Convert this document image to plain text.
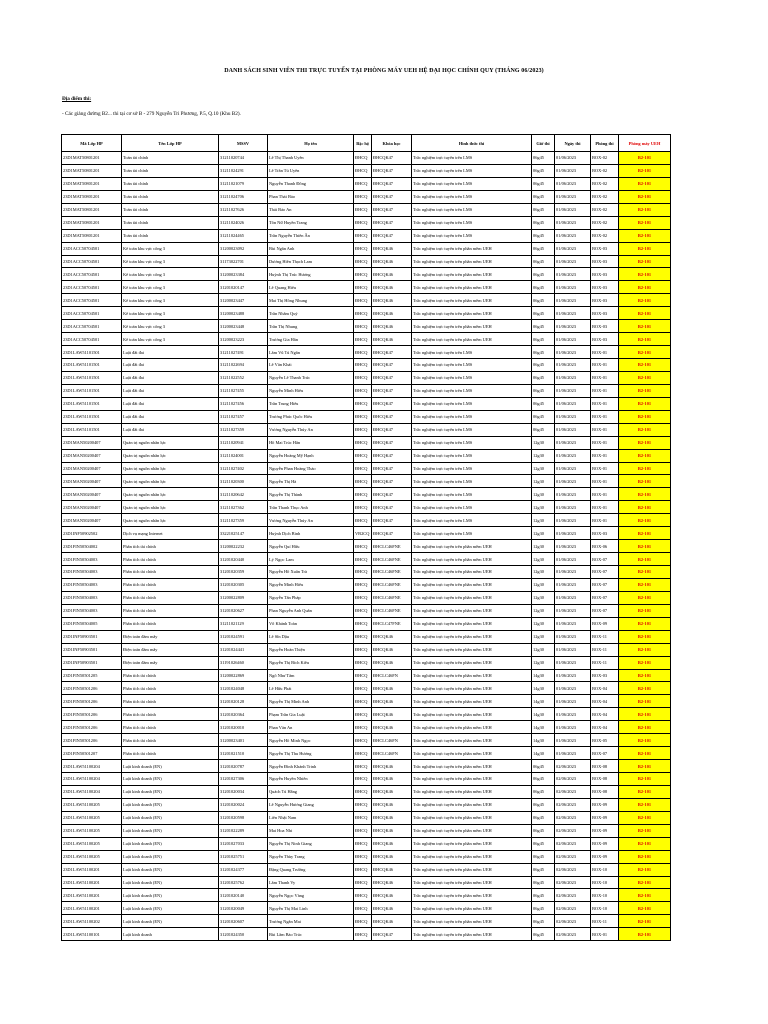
DANH SÁCH SINH VIÊN THI TRỰC TUYẾN TẠI PHÒNG MÁY UEH HỆ ĐẠI HỌC CHÍNH QUY (THÁNG 06/2023)
Địa điểm thi:
- Các giảng đường B2... thi tại cơ sở B - 279 Nguyễn Tri Phương, P.5, Q.10 (Khu B2).
Mã Lớp HP	Tên Lớp HP	MSSV	Họ tên	Bậc hệ	Khóa học	Hình thức thi	Giờ thi	Ngày thi	Phòng thi	Phòng máy UEH
23D1MAT50801201	Toán tài chính	31211020744	Lê Thị Thanh Uyên	ĐHCQ	ĐHCQK47	Trắc nghiệm trực tuyến trên LMS	06g45	01/06/2023	BOX-02	B2-101
23D1MAT50801201	Toán tài chính	31211024291	Lê Trần Tú Uyên	ĐHCQ	ĐHCQK47	Trắc nghiệm trực tuyến trên LMS	06g45	01/06/2023	BOX-02	B2-101
23D1MAT50801201	Toán tài chính	31211021079	Nguyễn Thanh Đông	ĐHCQ	ĐHCQK47	Trắc nghiệm trực tuyến trên LMS	06g45	01/06/2023	BOX-02	B2-101
23D1MAT50801201	Toán tài chính	31211024706	Phan Thái Bảo	ĐHCQ	ĐHCQK47	Trắc nghiệm trực tuyến trên LMS	06g45	01/06/2023	BOX-02	B2-101
23D1MAT50801201	Toán tài chính	31211027626	Thái Bảo An	ĐHCQ	ĐHCQK47	Trắc nghiệm trực tuyến trên LMS	06g45	01/06/2023	BOX-02	B2-101
23D1MAT50801201	Toán tài chính	31211024026	Tôn Nữ Huyền Trang	ĐHCQ	ĐHCQK47	Trắc nghiệm trực tuyến trên LMS	06g45	01/06/2023	BOX-02	B2-101
23D1MAT50801201	Toán tài chính	31211024465	Trần Nguyễn Thiên Ân	ĐHCQ	ĐHCQK47	Trắc nghiệm trực tuyến trên LMS	06g45	01/06/2023	BOX-02	B2-101
23D1ACC50704501	Kế toán khu vực công 3	31200023092	Bùi Ngân Anh	ĐHCQ	ĐHCQK46	Trắc nghiệm trực tuyến trên phần mềm UEH	06g45	01/06/2023	BOX-03	B2-101
23D1ACC50704501	Kế toán khu vực công 3	31173022701	Dương Hiền Thạch Lam	ĐHCQ	ĐHCQK46	Trắc nghiệm trực tuyến trên phần mềm UEH	06g45	01/06/2023	BOX-03	B2-101
23D1ACC50704501	Kế toán khu vực công 3	31200023384	Huỳnh Thị Trúc Hương	ĐHCQ	ĐHCQK46	Trắc nghiệm trực tuyến trên phần mềm UEH	06g45	01/06/2023	BOX-03	B2-101
23D1ACC50704501	Kế toán khu vực công 3	31201020147	Lê Quang Hiếu	ĐHCQ	ĐHCQK46	Trắc nghiệm trực tuyến trên phần mềm UEH	06g45	01/06/2023	BOX-03	B2-101
23D1ACC50704501	Kế toán khu vực công 3	31200023447	Mai Thị Hồng Nhung	ĐHCQ	ĐHCQK46	Trắc nghiệm trực tuyến trên phần mềm UEH	06g45	01/06/2023	BOX-03	B2-101
23D1ACC50704501	Kế toán khu vực công 3	31200023488	Trần Nhâm Quý	ĐHCQ	ĐHCQK46	Trắc nghiệm trực tuyến trên phần mềm UEH	06g45	01/06/2023	BOX-03	B2-101
23D1ACC50704501	Kế toán khu vực công 3	31200023448	Trần Thị Nhung	ĐHCQ	ĐHCQK46	Trắc nghiệm trực tuyến trên phần mềm UEH	06g45	01/06/2023	BOX-03	B2-101
23D1ACC50704501	Kế toán khu vực công 3	31200023223	Trương Gia Hân	ĐHCQ	ĐHCQK46	Trắc nghiệm trực tuyến trên phần mềm UEH	06g45	01/06/2023	BOX-03	B2-101
23D1LAW51101501	Luật đất đai	31211027491	Lâm Vũ Tú Ngân	ĐHCQ	ĐHCQK47	Trắc nghiệm trực tuyến trên LMS	06g45	01/06/2023	BOX-01	B2-101
23D1LAW51101501	Luật đất đai	31211022694	Lê Văn Khải	ĐHCQ	ĐHCQK47	Trắc nghiệm trực tuyến trên LMS	06g45	01/06/2023	BOX-01	B2-101
23D1LAW51101501	Luật đất đai	31211022552	Nguyễn Lê Thanh Trúc	ĐHCQ	ĐHCQK47	Trắc nghiệm trực tuyến trên LMS	06g45	01/06/2023	BOX-01	B2-101
23D1LAW51101501	Luật đất đai	31211027455	Nguyễn Minh Hiếu	ĐHCQ	ĐHCQK47	Trắc nghiệm trực tuyến trên LMS	06g45	01/06/2023	BOX-01	B2-101
23D1LAW51101501	Luật đất đai	31211027456	Trần Trung Hiếu	ĐHCQ	ĐHCQK47	Trắc nghiệm trực tuyến trên LMS	06g45	01/06/2023	BOX-01	B2-101
23D1LAW51101501	Luật đất đai	31211027457	Trương Phúc Quốc Hiếu	ĐHCQ	ĐHCQK47	Trắc nghiệm trực tuyến trên LMS	06g45	01/06/2023	BOX-01	B2-101
23D1LAW51101501	Luật đất đai	31211027359	Vương Nguyễn Thúy An	ĐHCQ	ĐHCQK47	Trắc nghiệm trực tuyến trên LMS	06g45	01/06/2023	BOX-01	B2-101
23D1MAN50200407	Quản trị nguồn nhân lực	31211020941	Hồ Mai Trúc Hân	ĐHCQ	ĐHCQK47	Trắc nghiệm trực tuyến trên LMS	12g30	01/06/2023	BOX-01	B2-101
23D1MAN50200407	Quản trị nguồn nhân lực	31211024001	Nguyễn Hoàng Mỹ Hạnh	ĐHCQ	ĐHCQK47	Trắc nghiệm trực tuyến trên LMS	12g30	01/06/2023	BOX-01	B2-101
23D1MAN50200407	Quản trị nguồn nhân lực	31211027402	Nguyễn Phan Hoàng Thảo	ĐHCQ	ĐHCQK47	Trắc nghiệm trực tuyến trên LMS	12g30	01/06/2023	BOX-01	B2-101
23D1MAN50200407	Quản trị nguồn nhân lực	31211020300	Nguyễn Thị Hà	ĐHCQ	ĐHCQK47	Trắc nghiệm trực tuyến trên LMS	12g30	01/06/2023	BOX-01	B2-101
23D1MAN50200407	Quản trị nguồn nhân lực	31211020642	Nguyễn Thị Thành	ĐHCQ	ĐHCQK47	Trắc nghiệm trực tuyến trên LMS	12g30	01/06/2023	BOX-01	B2-101
23D1MAN50200407	Quản trị nguồn nhân lực	31211027362	Trần Thanh Thục Anh	ĐHCQ	ĐHCQK47	Trắc nghiệm trực tuyến trên LMS	12g30	01/06/2023	BOX-01	B2-101
23D1MAN50200407	Quản trị nguồn nhân lực	31211027359	Vương Nguyễn Thúy An	ĐHCQ	ĐHCQK47	Trắc nghiệm trực tuyến trên LMS	12g30	01/06/2023	BOX-01	B2-101
23D1INF50902502	Dịch vụ mạng Internet	33221025147	Huỳnh Dịch Bình	VB2CQ	ĐHCQK47	Trắc nghiệm trực tuyến trên LMS	12g30	01/06/2023	BOX-03	B2-101
23D1FIN50504002	Phân tích tài chính	31200022232	Nguyễn Quí Hữu	ĐHCQ	ĐHCLC46FNE	Trắc nghiệm trực tuyến trên phần mềm UEH	12g30	01/06/2023	BOX-06	B2-101
23D1FIN50504003	Phân tích tài chính	31201020440	Lý Ngọc Lam	ĐHCQ	ĐHCLC46FNE	Trắc nghiệm trực tuyến trên phần mềm UEH	12g30	01/06/2023	BOX-07	B2-101
23D1FIN50504003	Phân tích tài chính	31201020359	Nguyễn Hồ Xuân Trà	ĐHCQ	ĐHCLC46FNE	Trắc nghiệm trực tuyến trên phần mềm UEH	12g30	01/06/2023	BOX-07	B2-101
23D1FIN50504003	Phân tích tài chính	31201020305	Nguyễn Minh Hiếu	ĐHCQ	ĐHCLC46FNE	Trắc nghiệm trực tuyến trên phần mềm UEH	12g30	01/06/2023	BOX-07	B2-101
23D1FIN50504003	Phân tích tài chính	31200022809	Nguyễn Tấn Pháp	ĐHCQ	ĐHCLC46FNE	Trắc nghiệm trực tuyến trên phần mềm UEH	12g30	01/06/2023	BOX-07	B2-101
23D1FIN50504003	Phân tích tài chính	31201020627	Phan Nguyễn Anh Quân	ĐHCQ	ĐHCLC46FNE	Trắc nghiệm trực tuyến trên phần mềm UEH	12g30	01/06/2023	BOX-07	B2-101
23D1FIN50504005	Phân tích tài chính	31211021129	Võ Khánh Toàn	ĐHCQ	ĐHCLC47FNE	Trắc nghiệm trực tuyến trên phần mềm UEH	12g30	01/06/2023	BOX-09	B2-101
23D1INF50903501	Điện toán đám mây	31201024591	Lê Sĩn Dậu	ĐHCQ	ĐHCQK46	Trắc nghiệm trực tuyến trên phần mềm UEH	12g30	01/06/2023	BOX-11	B2-101
23D1INF50903501	Điện toán đám mây	31201024441	Nguyễn Hoàn Thiện	ĐHCQ	ĐHCQK46	Trắc nghiệm trực tuyến trên phần mềm UEH	12g30	01/06/2023	BOX-11	B2-101
23D1INF50903501	Điện toán đám mây	31191026460	Nguyễn Thị Bích Kiều	ĐHCQ	ĐHCQK46	Trắc nghiệm trực tuyến trên phần mềm UEH	12g30	01/06/2023	BOX-11	B2-101
23D1FIN50501205	Phân tích tài chính	31200022869	Ngô Như Tâm	ĐHCQ	ĐHCLC46FN	Trắc nghiệm trực tuyến trên phần mềm UEH	14g30	01/06/2023	BOX-03	B2-101
23D1FIN50501206	Phân tích tài chính	31201024048	Lê Hữu Phát	ĐHCQ	ĐHCQK46	Trắc nghiệm trực tuyến trên phần mềm UEH	14g30	01/06/2023	BOX-04	B2-101
23D1FIN50501206	Phân tích tài chính	31201020128	Nguyễn Thị Minh Anh	ĐHCQ	ĐHCQK46	Trắc nghiệm trực tuyến trên phần mềm UEH	14g30	01/06/2023	BOX-04	B2-101
23D1FIN50501206	Phân tích tài chính	31201020364	Phạm Trần Gia Luật	ĐHCQ	ĐHCQK46	Trắc nghiệm trực tuyến trên phần mềm UEH	14g30	01/06/2023	BOX-04	B2-101
23D1FIN50501206	Phân tích tài chính	31201020010	Phan Văn An	ĐHCQ	ĐHCQK46	Trắc nghiệm trực tuyến trên phần mềm UEH	14g30	01/06/2023	BOX-04	B2-101
23D1FIN50501206	Phân tích tài chính	31200023401	Nguyễn Hồ Minh Ngọc	ĐHCQ	ĐHCLC46FN	Trắc nghiệm trực tuyến trên phần mềm UEH	14g30	01/06/2023	BOX-05	B2-101
23D1FIN50501207	Phân tích tài chính	31201021510	Nguyễn Thị Thu Hương	ĐHCQ	ĐHCLC46FN	Trắc nghiệm trực tuyến trên phần mềm UEH	14g30	01/06/2023	BOX-07	B2-101
23D1LAW51100204	Luật kinh doanh (EN)	31201020787	Nguyễn Đình Khánh Trinh	ĐHCQ	ĐHCQK46	Trắc nghiệm trực tuyến trên phần mềm UEH	06g45	02/06/2023	BOX-08	B2-101
23D1LAW51100204	Luật kinh doanh (EN)	31201027306	Nguyễn Huyền Nhiên	ĐHCQ	ĐHCQK46	Trắc nghiệm trực tuyến trên phần mềm UEH	06g45	02/06/2023	BOX-08	B2-101
23D1LAW51100204	Luật kinh doanh (EN)	31201020034	Quách Tú Hằng	ĐHCQ	ĐHCQK46	Trắc nghiệm trực tuyến trên phần mềm UEH	06g45	02/06/2023	BOX-08	B2-101
23D1LAW51100205	Luật kinh doanh (EN)	31201020024	Lê Nguyễn Hương Giang	ĐHCQ	ĐHCQK46	Trắc nghiệm trực tuyến trên phần mềm UEH	06g45	02/06/2023	BOX-09	B2-101
23D1LAW51100205	Luật kinh doanh (EN)	31201020598	Liên Nhật Nam	ĐHCQ	ĐHCQK46	Trắc nghiệm trực tuyến trên phần mềm UEH	06g45	02/06/2023	BOX-09	B2-101
23D1LAW51100205	Luật kinh doanh (EN)	31201022289	Mai Hoa Nhi	ĐHCQ	ĐHCQK46	Trắc nghiệm trực tuyến trên phần mềm UEH	06g45	02/06/2023	BOX-09	B2-101
23D1LAW51100205	Luật kinh doanh (EN)	31201027033	Nguyễn Thị Ninh Giang	ĐHCQ	ĐHCQK46	Trắc nghiệm trực tuyến trên phần mềm UEH	06g45	02/06/2023	BOX-09	B2-101
23D1LAW51100205	Luật kinh doanh (EN)	31201025751	Nguyễn Thùy Trang	ĐHCQ	ĐHCQK46	Trắc nghiệm trực tuyến trên phần mềm UEH	06g45	02/06/2023	BOX-09	B2-101
23D1LAW51100201	Luật kinh doanh (EN)	31201024377	Đặng Quang Trường	ĐHCQ	ĐHCQK46	Trắc nghiệm trực tuyến trên phần mềm UEH	06g45	02/06/2023	BOX-10	B2-101
23D1LAW51100201	Luật kinh doanh (EN)	31201025762	Lâm Thanh Vy	ĐHCQ	ĐHCQK46	Trắc nghiệm trực tuyến trên phần mềm UEH	06g45	02/06/2023	BOX-10	B2-101
23D1LAW51100201	Luật kinh doanh (EN)	31201020140	Nguyễn Ngọc Vàng	ĐHCQ	ĐHCQK46	Trắc nghiệm trực tuyến trên phần mềm UEH	06g45	02/06/2023	BOX-10	B2-101
23D1LAW51100201	Luật kinh doanh (EN)	31201020049	Nguyễn Thị Mai Linh	ĐHCQ	ĐHCQK46	Trắc nghiệm trực tuyến trên phần mềm UEH	06g45	02/06/2023	BOX-10	B2-101
23D1LAW51100202	Luật kinh doanh (EN)	31201020607	Trương Ngân Mai	ĐHCQ	ĐHCQK46	Trắc nghiệm trực tuyến trên phần mềm UEH	06g45	02/06/2023	BOX-11	B2-101
23D1LAW51100101	Luật kinh doanh	31201024350	Bùi Lâm Bảo Trúc	ĐHCQ	ĐHCQK47	Trắc nghiệm trực tuyến trên phần mềm UEH	06g45	02/06/2023	BOX-01	B2-101
